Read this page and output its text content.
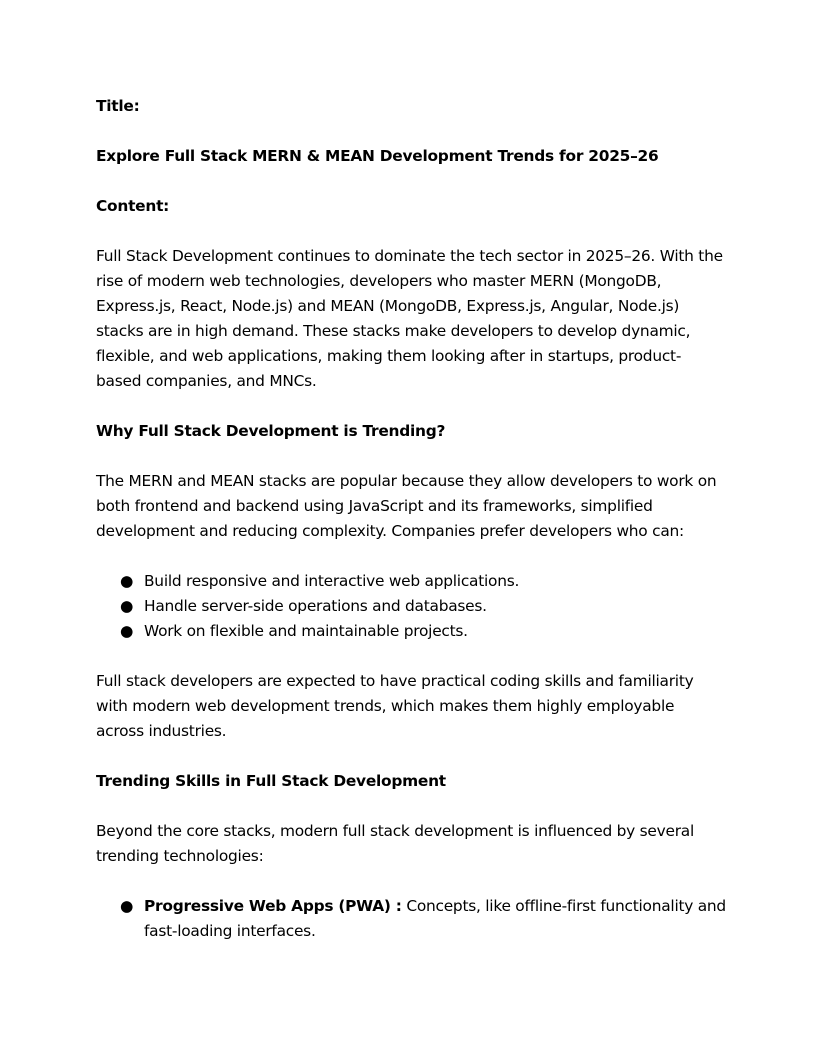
Title:

Explore Full Stack MERN & MEAN Development Trends for 2025–26

Content:

Full Stack Development continues to dominate the tech sector in 2025–26. With the rise of modern web technologies, developers who master MERN (MongoDB, Express.js, React, Node.js) and MEAN (MongoDB, Express.js, Angular, Node.js) stacks are in high demand. These stacks make developers to develop dynamic, flexible, and web applications, making them looking after in startups, product-based companies, and MNCs.

Why Full Stack Development is Trending?

The MERN and MEAN stacks are popular because they allow developers to work on both frontend and backend using JavaScript and its frameworks, simplified development and reducing complexity. Companies prefer developers who can:

● Build responsive and interactive web applications.
● Handle server-side operations and databases.
● Work on flexible and maintainable projects.

Full stack developers are expected to have practical coding skills and familiarity with modern web development trends, which makes them highly employable across industries.

Trending Skills in Full Stack Development

Beyond the core stacks, modern full stack development is influenced by several trending technologies:

● Progressive Web Apps (PWA) : Concepts, like offline-first functionality and fast-loading interfaces.
